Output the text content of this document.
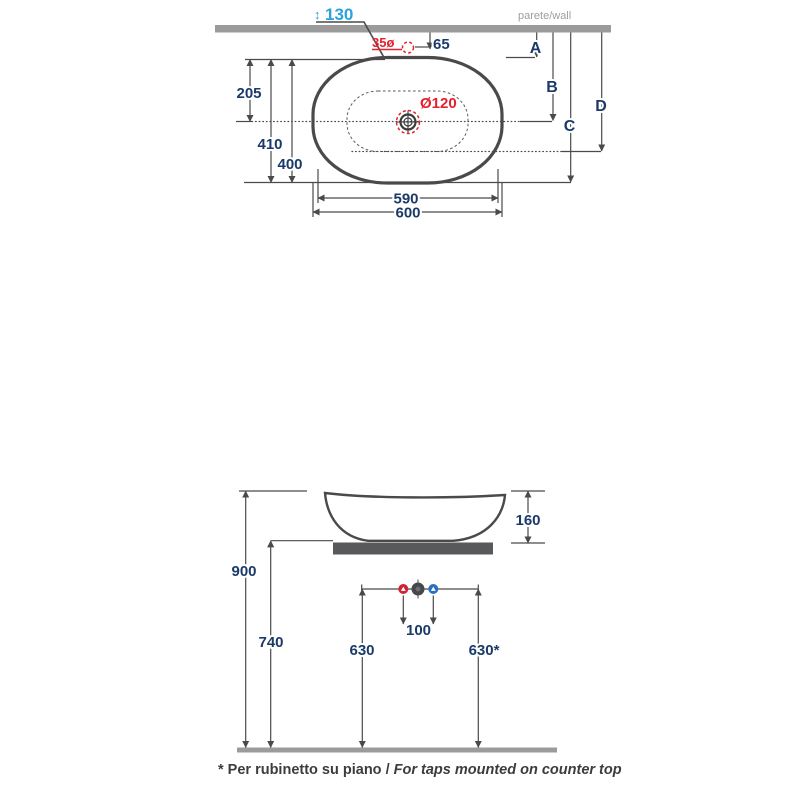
parete/wall
↕ 130
Ø120
35ø	65
205
410
400
590
600
A
B
C
D
160
900
740
100
630	630*
* Per rubinetto su piano / For taps mounted on counter top
